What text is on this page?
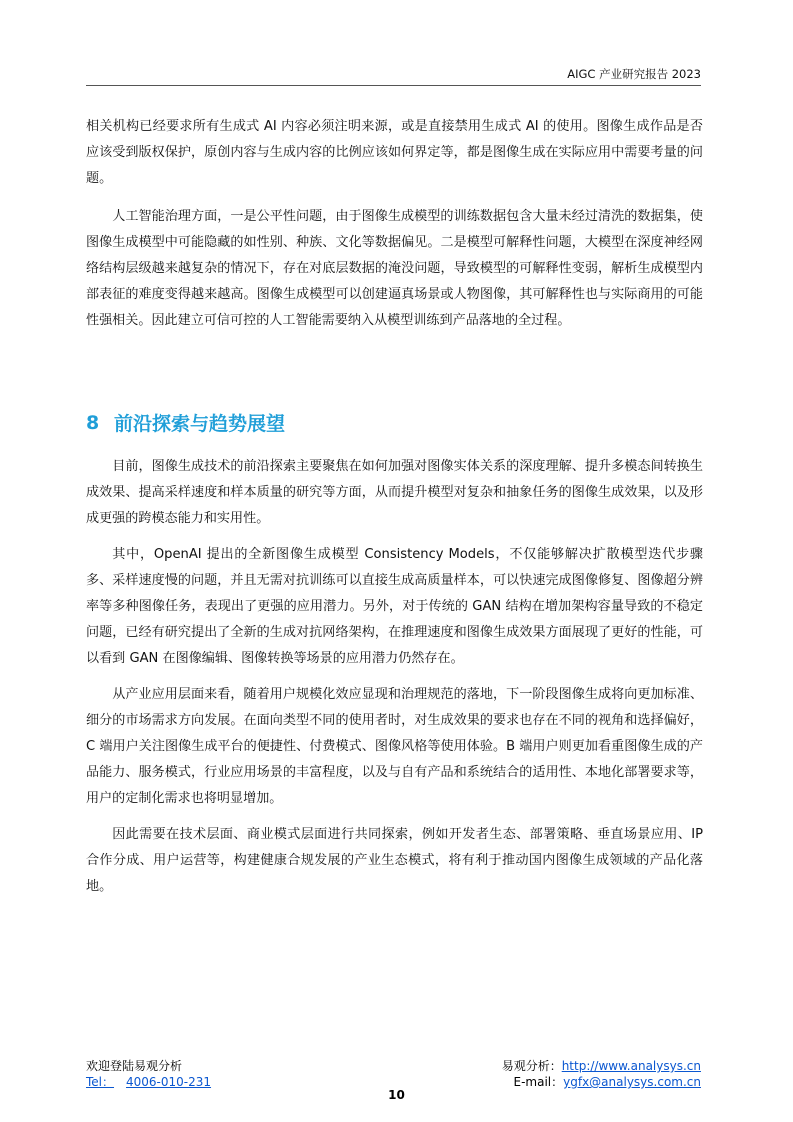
AIGC 产业研究报告 2023

相关机构已经要求所有生成式 AI 内容必须注明来源，或是直接禁用生成式 AI 的使用。图像生成作品是否应该受到版权保护，原创内容与生成内容的比例应该如何界定等，都是图像生成在实际应用中需要考量的问题。

人工智能治理方面，一是公平性问题，由于图像生成模型的训练数据包含大量未经过清洗的数据集，使图像生成模型中可能隐藏的如性别、种族、文化等数据偏见。二是模型可解释性问题，大模型在深度神经网络结构层级越来越复杂的情况下，存在对底层数据的淹没问题，导致模型的可解释性变弱，解析生成模型内部表征的难度变得越来越高。图像生成模型可以创建逼真场景或人物图像，其可解释性也与实际商用的可能性强相关。因此建立可信可控的人工智能需要纳入从模型训练到产品落地的全过程。

8 前沿探索与趋势展望

目前，图像生成技术的前沿探索主要聚焦在如何加强对图像实体关系的深度理解、提升多模态间转换生成效果、提高采样速度和样本质量的研究等方面，从而提升模型对复杂和抽象任务的图像生成效果，以及形成更强的跨模态能力和实用性。

其中，OpenAI 提出的全新图像生成模型 Consistency Models，不仅能够解决扩散模型迭代步骤多、采样速度慢的问题，并且无需对抗训练可以直接生成高质量样本，可以快速完成图像修复、图像超分辨率等多种图像任务，表现出了更强的应用潜力。另外，对于传统的 GAN 结构在增加架构容量导致的不稳定问题，已经有研究提出了全新的生成对抗网络架构，在推理速度和图像生成效果方面展现了更好的性能，可以看到 GAN 在图像编辑、图像转换等场景的应用潜力仍然存在。

从产业应用层面来看，随着用户规模化效应显现和治理规范的落地，下一阶段图像生成将向更加标准、细分的市场需求方向发展。在面向类型不同的使用者时，对生成效果的要求也存在不同的视角和选择偏好，C 端用户关注图像生成平台的便捷性、付费模式、图像风格等使用体验。B 端用户则更加看重图像生成的产品能力、服务模式，行业应用场景的丰富程度，以及与自有产品和系统结合的适用性、本地化部署要求等，用户的定制化需求也将明显增加。

因此需要在技术层面、商业模式层面进行共同探索，例如开发者生态、部署策略、垂直场景应用、IP 合作分成、用户运营等，构建健康合规发展的产业生态模式，将有利于推动国内图像生成领域的产品化落地。

欢迎登陆易观分析
Tel： 4006-010-231
易观分析：http://www.analysys.cn
E-mail：ygfx@analysys.com.cn
10
